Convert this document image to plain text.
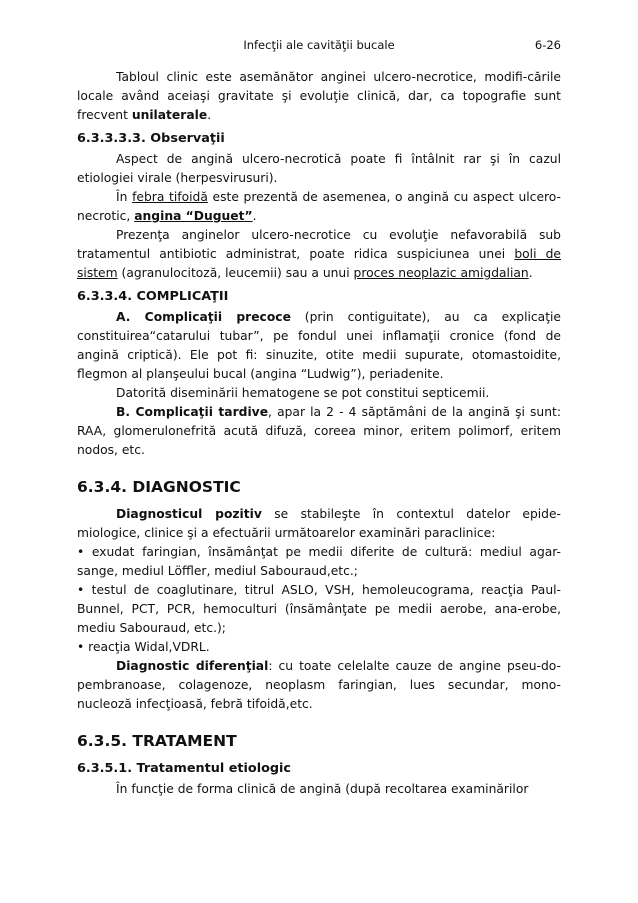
Infecţii ale cavităţii bucale	6-26

Tabloul clinic este asemănător anginei ulcero-necrotice, modifi-cările locale având aceiaşi gravitate şi evoluţie clinică, dar, ca topografie sunt frecvent unilaterale.

6.3.3.3.3. Observaţii

Aspect de angină ulcero-necrotică poate fi întâlnit rar şi în cazul etiologiei virale (herpesvirusuri).

În febra tifoidă este prezentă de asemenea, o angină cu aspect ulcero-necrotic, angina “Duguet”.

Prezenţa anginelor ulcero-necrotice cu evoluţie nefavorabilă sub tratamentul antibiotic administrat, poate ridica suspiciunea unei boli de sistem (agranulocitoză, leucemii) sau a unui proces neoplazic amigdalian.

6.3.3.4. COMPLICAŢII

A. Complicaţii precoce (prin contiguitate), au ca explicaţie constituirea“catarului tubar”, pe fondul unei inflamaţii cronice (fond de angină criptică). Ele pot fi: sinuzite, otite medii supurate, otomastoidite, flegmon al planşeului bucal (angina “Ludwig”), periadenite.

Datorită diseminării hematogene se pot constitui septicemii.

B. Complicaţii tardive, apar la 2 - 4 săptămâni de la angină şi sunt: RAA, glomerulonefrită acută difuză, coreea minor, eritem polimorf, eritem nodos, etc.

6.3.4. DIAGNOSTIC

Diagnosticul pozitiv se stabileşte în contextul datelor epide-miologice, clinice şi a efectuării următoarelor examinări paraclinice:

• exudat faringian, însămânţat pe medii diferite de cultură: mediul agar-sange, mediul Löffler, mediul Sabouraud,etc.;

• testul de coaglutinare, titrul ASLO, VSH, hemoleucograma, reacţia Paul-Bunnel, PCT, PCR, hemoculturi (însămânţate pe medii aerobe, ana-erobe, mediu Sabouraud, etc.);

• reacţia Widal,VDRL.

Diagnostic diferenţial: cu toate celelalte cauze de angine pseu-do-pembranoase, colagenoze, neoplasm faringian, lues secundar, mono-nucleoză infecţioasă, febră tifoidă,etc.

6.3.5. TRATAMENT

6.3.5.1. Tratamentul etiologic

În funcţie de forma clinică de angină (după recoltarea examinărilor
